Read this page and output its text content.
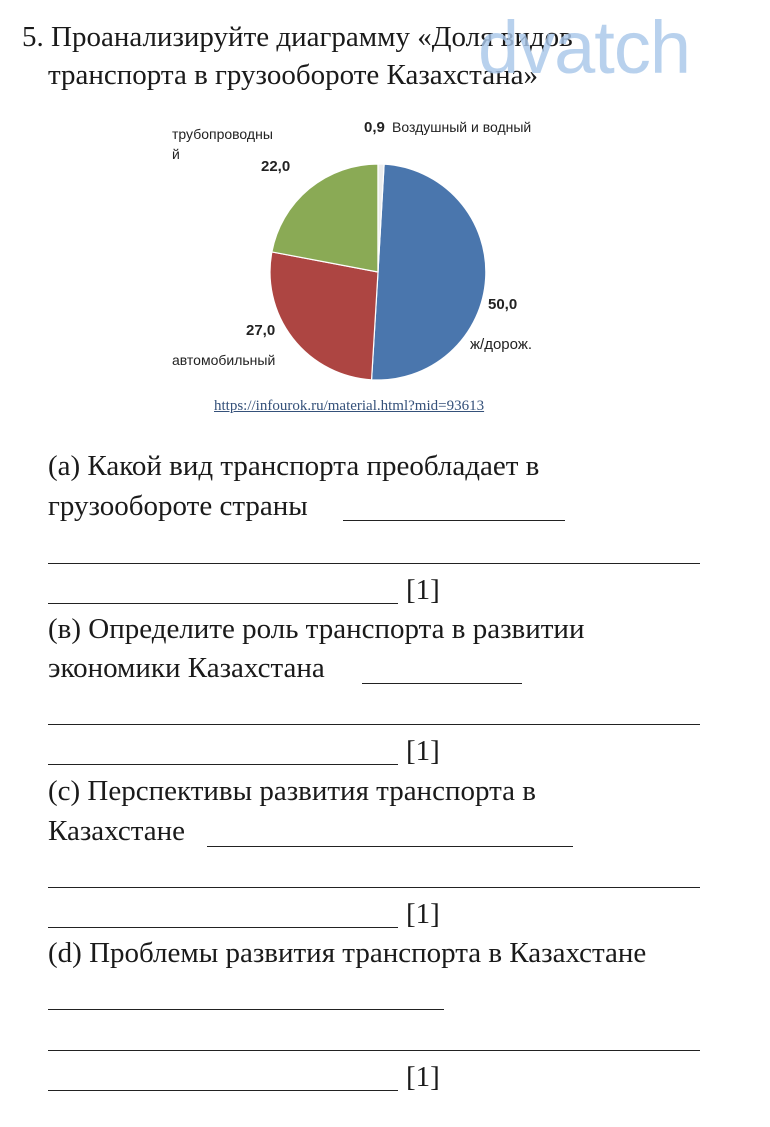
5. Проанализируйте диаграмму «Доля видов
транспорта в грузообороте Казахстана»
dvatch
трубопроводны
й
22,0
0,9 Воздушный и водный
50,0
ж/дорож.
27,0
автомобильный
https://infourok.ru/material.html?mid=93613
(а) Какой вид транспорта преобладает в
грузообороте страны
[1]
(в) Определите роль транспорта в развитии
экономики Казахстана
[1]
(с) Перспективы развития транспорта в
Казахстане
[1]
(d) Проблемы развития транспорта в Казахстане
[1]
